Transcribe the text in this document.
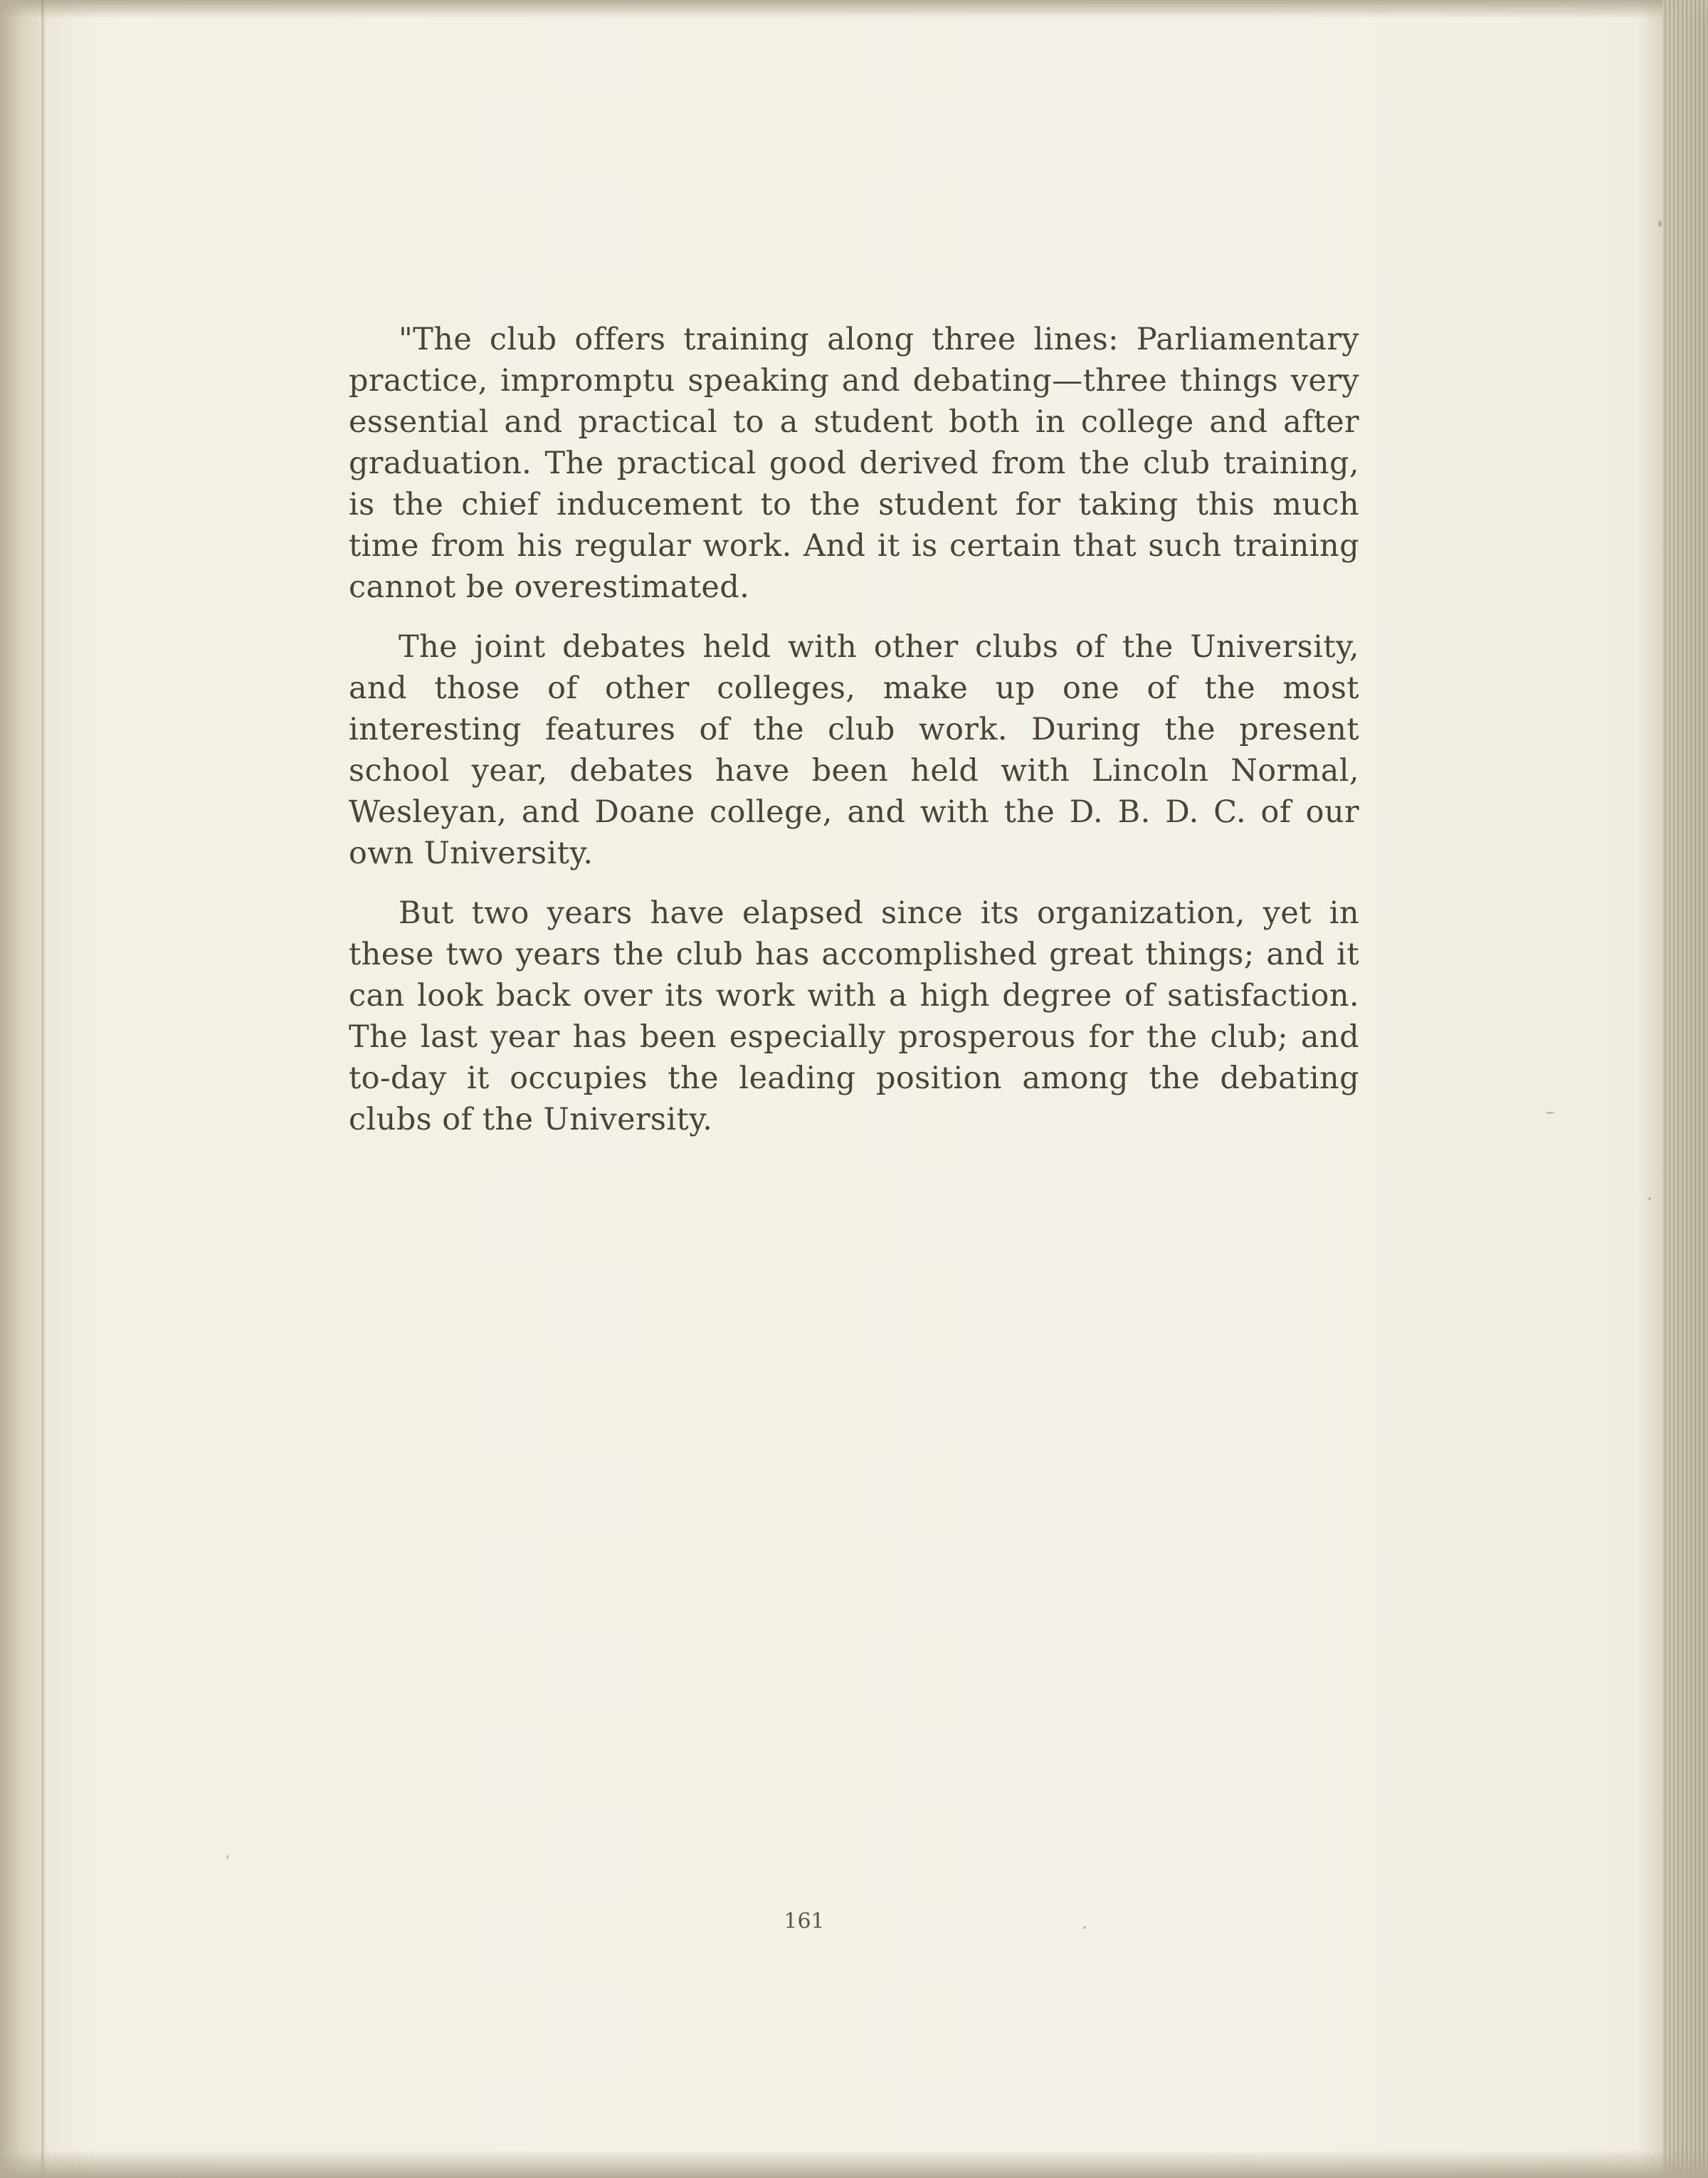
"The club offers training along three lines: Parliamentary practice, impromptu speaking and debating—three things very essential and practical to a student both in college and after graduation. The practical good derived from the club training, is the chief inducement to the student for taking this much time from his regular work. And it is certain that such training cannot be overestimated.

The joint debates held with other clubs of the University, and those of other colleges, make up one of the most interesting features of the club work. During the present school year, debates have been held with Lincoln Normal, Wesleyan, and Doane college, and with the D. B. D. C. of our own University.

But two years have elapsed since its organization, yet in these two years the club has accomplished great things; and it can look back over its work with a high degree of satisfaction. The last year has been especially prosperous for the club; and to-day it occupies the leading position among the debating clubs of the University.

161
